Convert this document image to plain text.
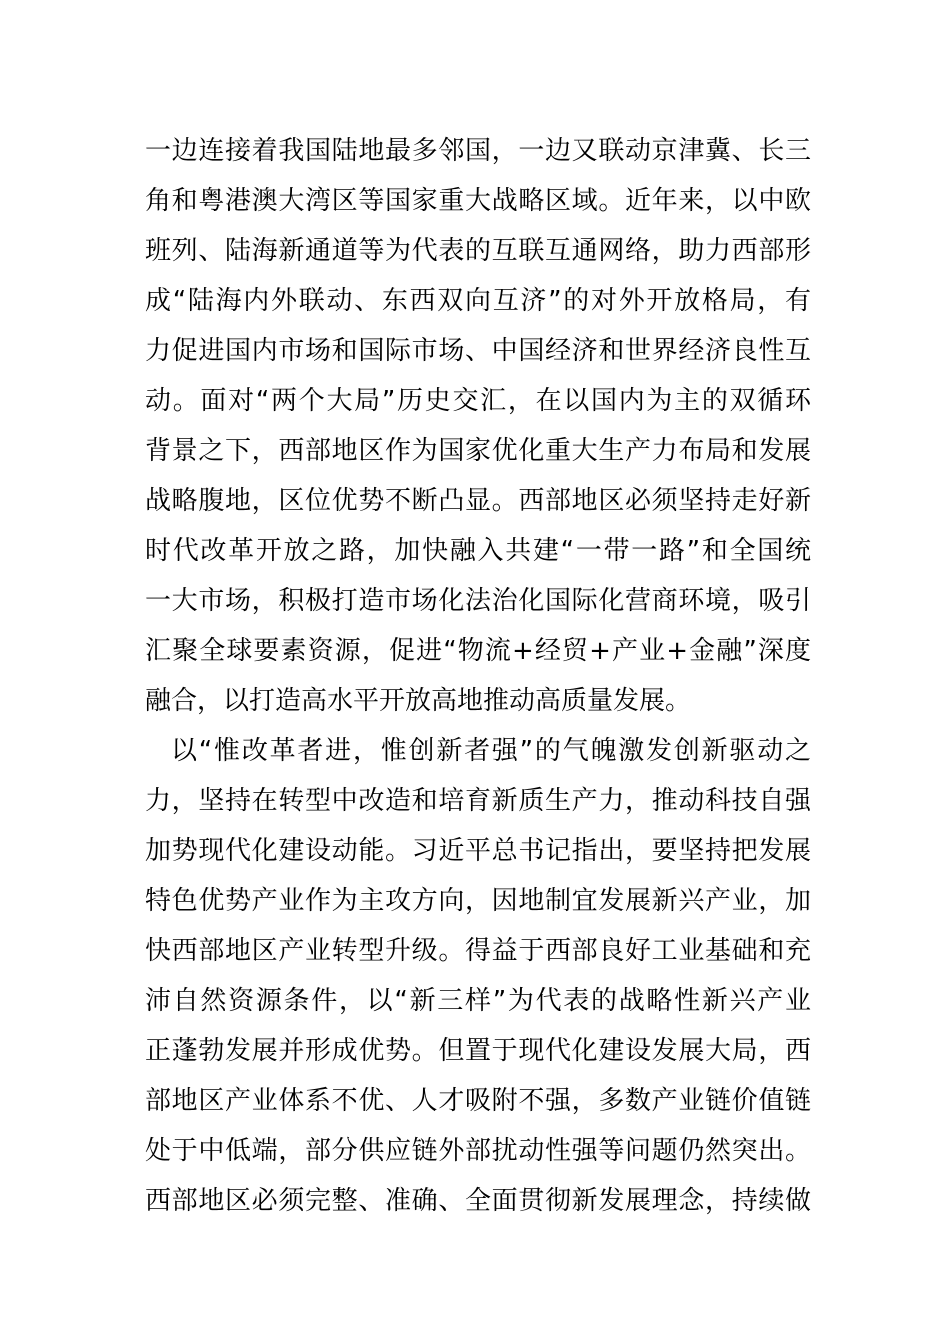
一边连接着我国陆地最多邻国，一边又联动京津冀、长三
角和粤港澳大湾区等国家重大战略区域。近年来，以中欧
班列、陆海新通道等为代表的互联互通网络，助力西部形
成“陆海内外联动、东西双向互济”的对外开放格局，有
力促进国内市场和国际市场、中国经济和世界经济良性互
动。面对“两个大局”历史交汇，在以国内为主的双循环
背景之下，西部地区作为国家优化重大生产力布局和发展
战略腹地，区位优势不断凸显。西部地区必须坚持走好新
时代改革开放之路，加快融入共建“一带一路”和全国统
一大市场，积极打造市场化法治化国际化营商环境，吸引
汇聚全球要素资源，促进“物流+经贸+产业+金融”深度
融合，以打造高水平开放高地推动高质量发展。
以“惟改革者进，惟创新者强”的气魄激发创新驱动之
力，坚持在转型中改造和培育新质生产力，推动科技自强
加势现代化建设动能。习近平总书记指出，要坚持把发展
特色优势产业作为主攻方向，因地制宜发展新兴产业，加
快西部地区产业转型升级。得益于西部良好工业基础和充
沛自然资源条件，以“新三样”为代表的战略性新兴产业
正蓬勃发展并形成优势。但置于现代化建设发展大局，西
部地区产业体系不优、人才吸附不强，多数产业链价值链
处于中低端，部分供应链外部扰动性强等问题仍然突出。
西部地区必须完整、准确、全面贯彻新发展理念，持续做
